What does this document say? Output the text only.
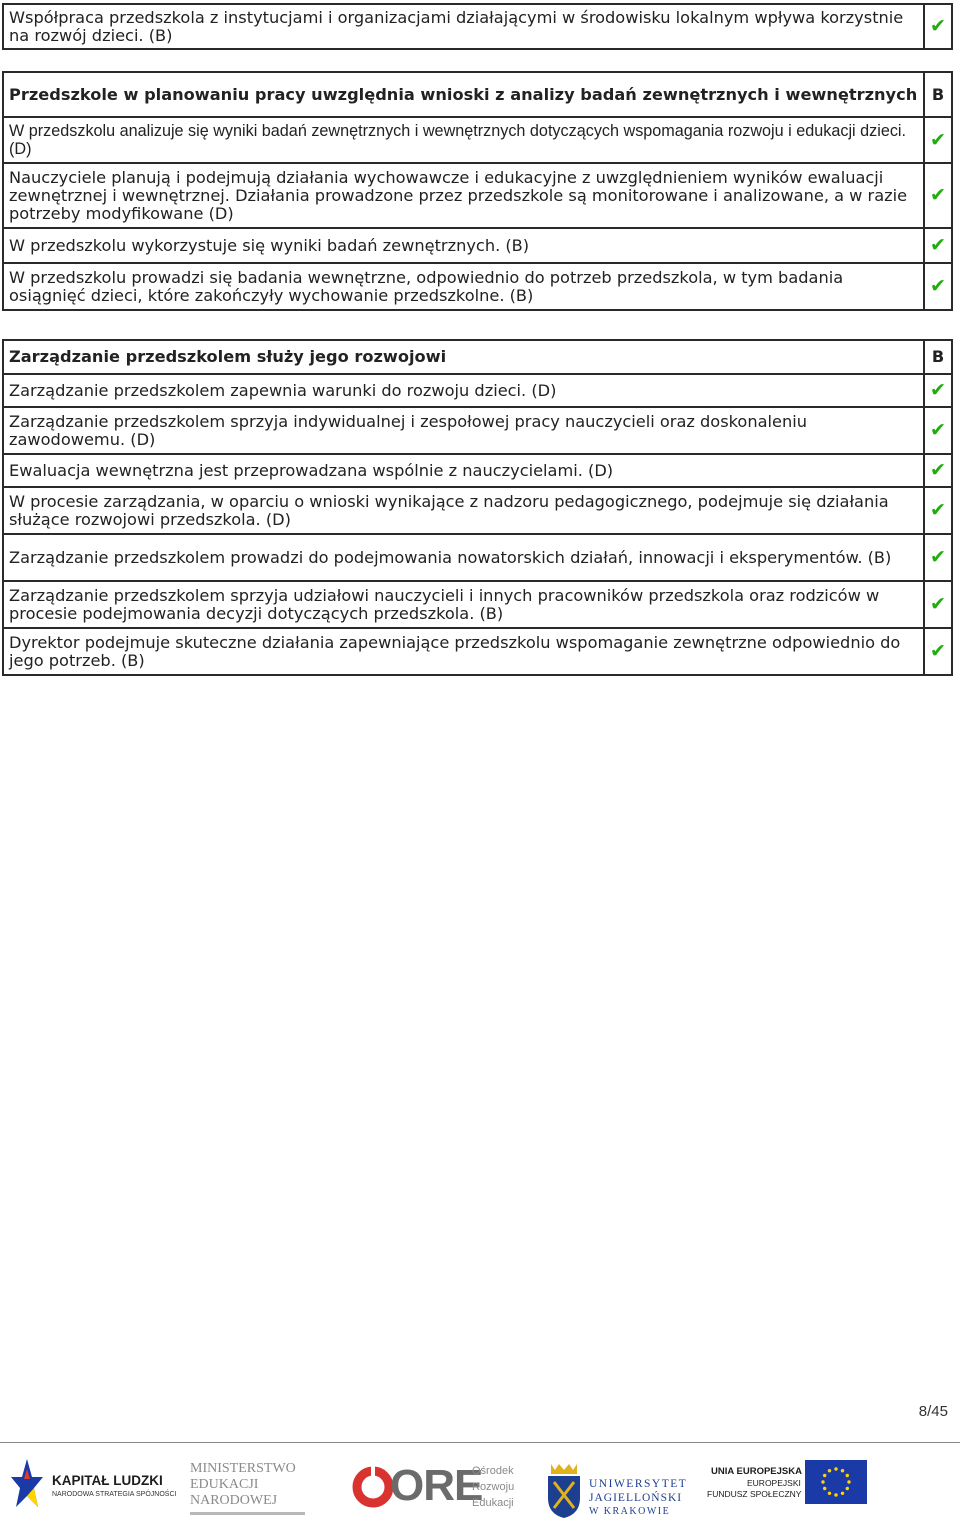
Współpraca przedszkola z instytucjami i organizacjami działającymi w środowisku lokalnym wpływa korzystnie na rozwój dzieci. (B)	✔
Przedszkole w planowaniu pracy uwzględnia wnioski z analizy badań zewnętrznych i wewnętrznych	B
W przedszkolu analizuje się wyniki badań zewnętrznych i wewnętrznych dotyczących wspomagania rozwoju i edukacji dzieci. (D)	✔
Nauczyciele planują i podejmują działania wychowawcze i edukacyjne z uwzględnieniem wyników ewaluacji zewnętrznej i wewnętrznej. Działania prowadzone przez przedszkole są monitorowane i analizowane, a w razie potrzeby modyfikowane (D)	✔
W przedszkolu wykorzystuje się wyniki badań zewnętrznych. (B)	✔
W przedszkolu prowadzi się badania wewnętrzne, odpowiednio do potrzeb przedszkola, w tym badania osiągnięć dzieci, które zakończyły wychowanie przedszkolne. (B)	✔
Zarządzanie przedszkolem służy jego rozwojowi	B
Zarządzanie przedszkolem zapewnia warunki do rozwoju dzieci. (D)	✔
Zarządzanie przedszkolem sprzyja indywidualnej i zespołowej pracy nauczycieli oraz doskonaleniu zawodowemu. (D)	✔
Ewaluacja wewnętrzna jest przeprowadzana wspólnie z nauczycielami. (D)	✔
W procesie zarządzania, w oparciu o wnioski wynikające z nadzoru pedagogicznego, podejmuje się działania służące rozwojowi przedszkola. (D)	✔
Zarządzanie przedszkolem prowadzi do podejmowania nowatorskich działań, innowacji i eksperymentów. (B)	✔
Zarządzanie przedszkolem sprzyja udziałowi nauczycieli i innych pracowników przedszkola oraz rodziców w procesie podejmowania decyzji dotyczących przedszkola. (B)	✔
Dyrektor podejmuje skuteczne działania zapewniające przedszkolu wspomaganie zewnętrzne odpowiednio do jego potrzeb. (B)	✔
8/45
KAPITAŁ LUDZKI
NARODOWA STRATEGIA SPÓJNOŚCI
MINISTERSTWO
EDUKACJI
NARODOWEJ	ORE
Ośrodek
Rozwoju
Edukacji
UNIWERSYTET
JAGIELLOŃSKI
W KRAKOWIE
UNIA EUROPEJSKA
EUROPEJSKI
FUNDUSZ SPOŁECZNY
